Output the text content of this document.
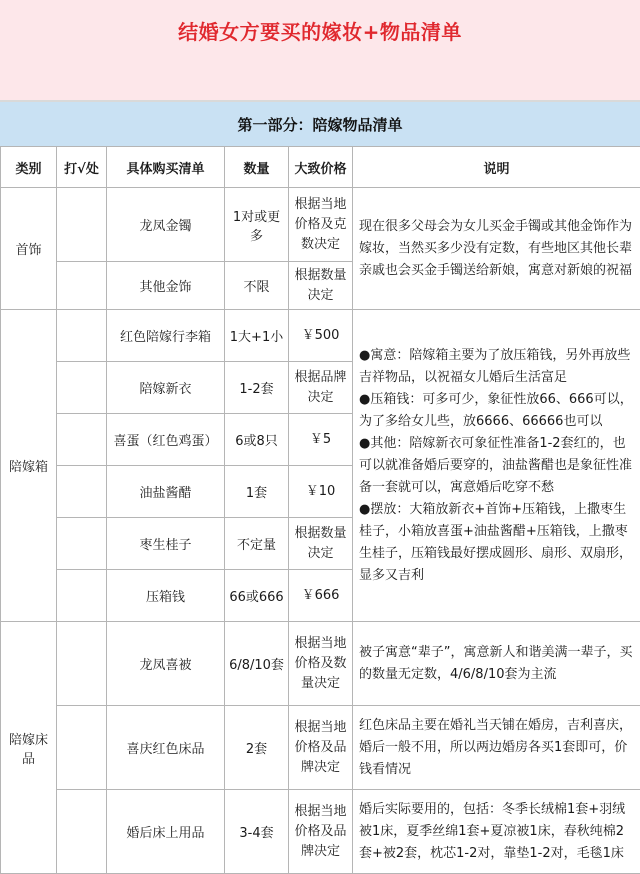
结婚女方要买的嫁妆+物品清单
第一部分：陪嫁物品清单
类别	打√处	具体购买清单	数量	大致价格	说明
首饰		龙凤金镯	1对或更多	根据当地价格及克数决定	现在很多父母会为女儿买金手镯或其他金饰作为嫁妆，当然买多少没有定数，有些地区其他长辈亲戚也会买金手镯送给新娘，寓意对新娘的祝福
		其他金饰	不限	根据数量决定	
陪嫁箱		红色陪嫁行李箱	1大+1小	￥500	●寓意：陪嫁箱主要为了放压箱钱，另外再放些吉祥物品，以祝福女儿婚后生活富足
●压箱钱：可多可少，象征性放66、666可以，为了多给女儿些，放6666、66666也可以
●其他：陪嫁新衣可象征性准备1-2套红的，也可以就准备婚后要穿的，油盐酱醋也是象征性准备一套就可以，寓意婚后吃穿不愁
●摆放：大箱放新衣+首饰+压箱钱，上撒枣生桂子，小箱放喜蛋+油盐酱醋+压箱钱，上撒枣生桂子，压箱钱最好摆成圆形、扇形、双扇形，显多又吉利

		陪嫁新衣	1-2套	根据品牌决定	
		喜蛋（红色鸡蛋）	6或8只	￥5	
		油盐酱醋	1套	￥10	
		枣生桂子	不定量	根据数量决定	
		压箱钱	66或666	￥666	
陪嫁床品		龙凤喜被	6/8/10套	根据当地价格及数量决定	被子寓意“辈子”，寓意新人和谐美满一辈子，买的数量无定数，4/6/8/10套为主流
		喜庆红色床品	2套	根据当地价格及品牌决定	红色床品主要在婚礼当天铺在婚房，吉利喜庆，婚后一般不用，所以两边婚房各买1套即可，价钱看情况
		婚后床上用品	3-4套	根据当地价格及品牌决定	婚后实际要用的，包括：冬季长绒棉1套+羽绒被1床，夏季丝绵1套+夏凉被1床，春秋纯棉2套+被2套，枕芯1-2对，靠垫1-2对，毛毯1床
